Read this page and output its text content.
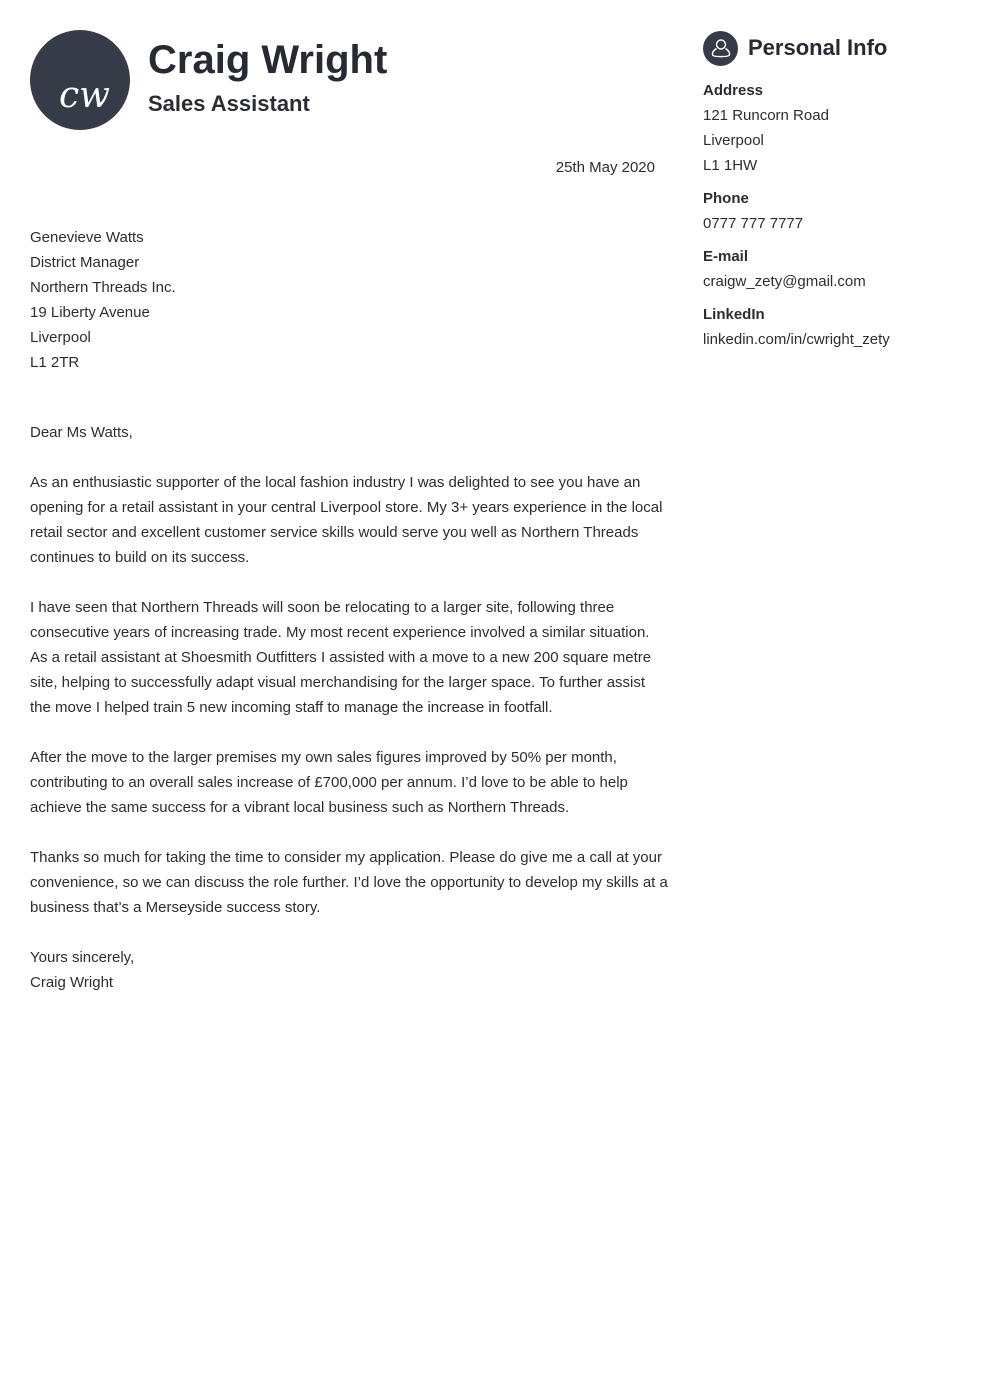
cw
Craig Wright
Sales Assistant
25th May 2020
Genevieve Watts
District Manager
Northern Threads Inc.
19 Liberty Avenue
Liverpool
L1 2TR

Dear Ms Watts,

As an enthusiastic supporter of the local fashion industry I was delighted to see you have an opening for a retail assistant in your central Liverpool store. My 3+ years experience in the local retail sector and excellent customer service skills would serve you well as Northern Threads continues to build on its success.

I have seen that Northern Threads will soon be relocating to a larger site, following three consecutive years of increasing trade. My most recent experience involved a similar situation. As a retail assistant at Shoesmith Outfitters I assisted with a move to a new 200 square metre site, helping to successfully adapt visual merchandising for the larger space. To further assist the move I helped train 5 new incoming staff to manage the increase in footfall.

After the move to the larger premises my own sales figures improved by 50% per month, contributing to an overall sales increase of £700,000 per annum. I’d love to be able to help achieve the same success for a vibrant local business such as Northern Threads.

Thanks so much for taking the time to consider my application. Please do give me a call at your convenience, so we can discuss the role further. I’d love the opportunity to develop my skills at a business that’s a Merseyside success story.

Yours sincerely,
Craig Wright
Personal Info
Address
121 Runcorn Road
Liverpool
L1 1HW
Phone
0777 777 7777
E-mail
craigw_zety@gmail.com
LinkedIn
linkedin.com/in/cwright_zety
